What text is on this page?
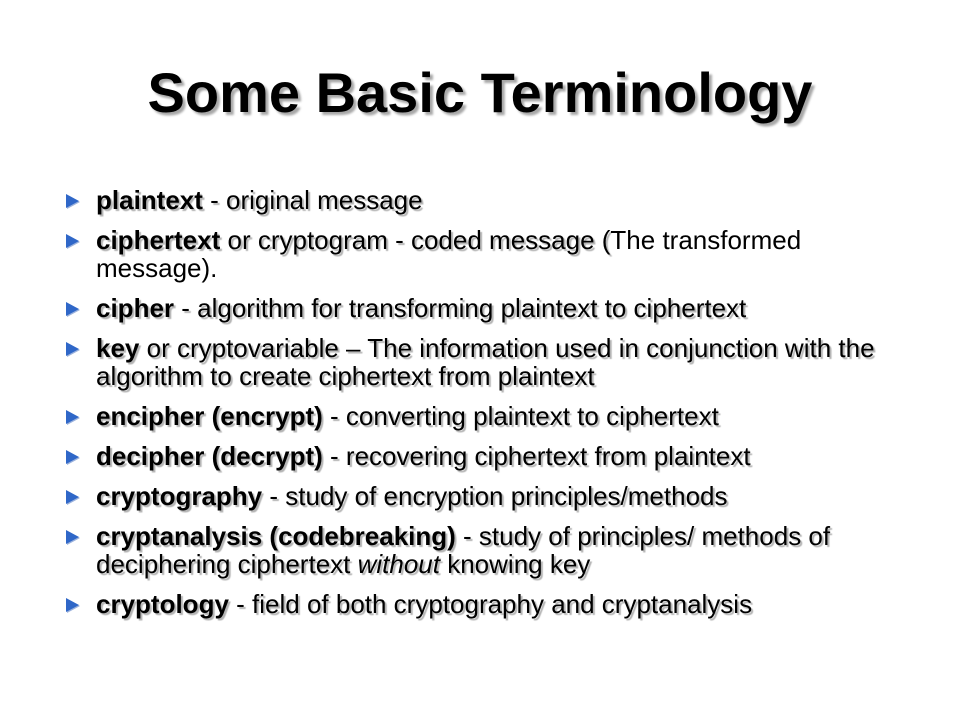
Some Basic Terminology
plaintext - original message
ciphertext or cryptogram - coded message (The transformed message).
cipher - algorithm for transforming plaintext to ciphertext
key or cryptovariable – The information used in conjunction with the algorithm to create ciphertext from plaintext
encipher (encrypt) - converting plaintext to ciphertext
decipher (decrypt) - recovering ciphertext from plaintext
cryptography - study of encryption principles/methods
cryptanalysis (codebreaking) - study of principles/ methods of deciphering ciphertext without knowing key
cryptology - field of both cryptography and cryptanalysis
